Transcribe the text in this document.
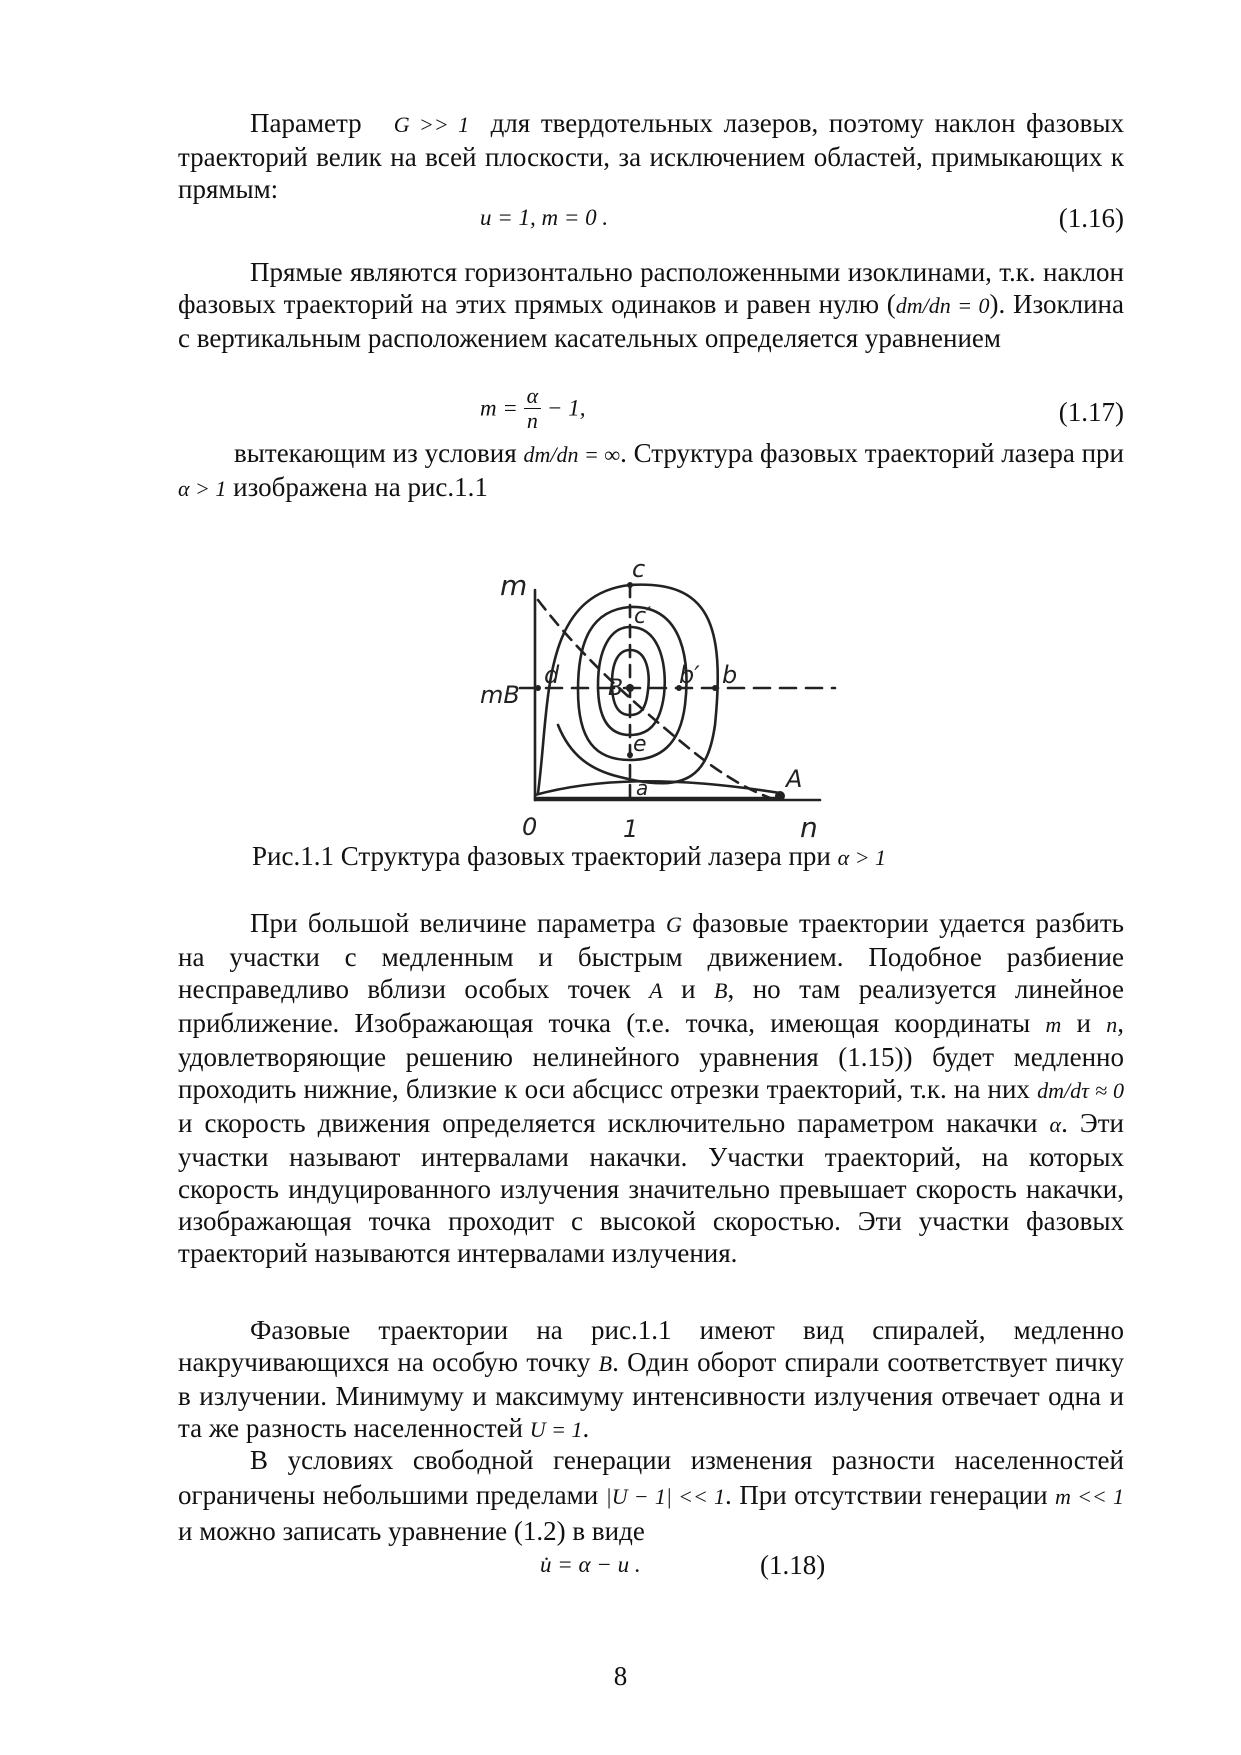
Параметр G >> 1  для твердотельных лазеров, поэтому наклон фазовых траекторий велик на всей плоскости, за исключением областей, примыкающих к прямым:

u = 1, m = 0 .	(1.16)

Прямые являются горизонтально расположенными изоклинами, т.к. наклон фазовых траекторий на этих прямых одинаков и равен нулю (dm/dn = 0). Изоклина с вертикальным расположением касательных определяется уравнением

$m = \frac{\alpha}{n} - 1$,	(1.17)

вытекающим из условия dm/dn = ∞. Структура фазовых траекторий лазера при α > 1 изображена на рис.1.1

m
mB
0	1	n
A
a
b
b′
c
c′
d
e
B
Рис.1.1 Структура фазовых траекторий лазера при α > 1

При большой величине параметра G фазовые траектории удается разбить на участки с медленным и быстрым движением. Подобное разбиение несправедливо вблизи особых точек A и B, но там реализуется линейное приближение. Изображающая точка (т.е. точка, имеющая координаты m и n, удовлетворяющие решению нелинейного уравнения (1.15)) будет медленно проходить нижние, близкие к оси абсцисс отрезки траекторий, т.к. на них dm/dτ ≈ 0 и скорость движения определяется исключительно параметром накачки α. Эти участки называют интервалами накачки. Участки траекторий, на которых скорость индуцированного излучения значительно превышает скорость накачки, изображающая точка проходит с высокой скоростью. Эти участки фазовых траекторий называются интервалами излучения.

Фазовые траектории на рис.1.1 имеют вид спиралей, медленно накручивающихся на особую точку B. Один оборот спирали соответствует пичку в излучении. Минимуму и максимуму интенсивности излучения отвечает одна и та же разность населенностей U = 1.

В условиях свободной генерации изменения разности населенностей ограничены небольшими пределами |U − 1| << 1. При отсутствии генерации m << 1 и можно записать уравнение (1.2) в виде

u̇ = α − u .	(1.18)
8
